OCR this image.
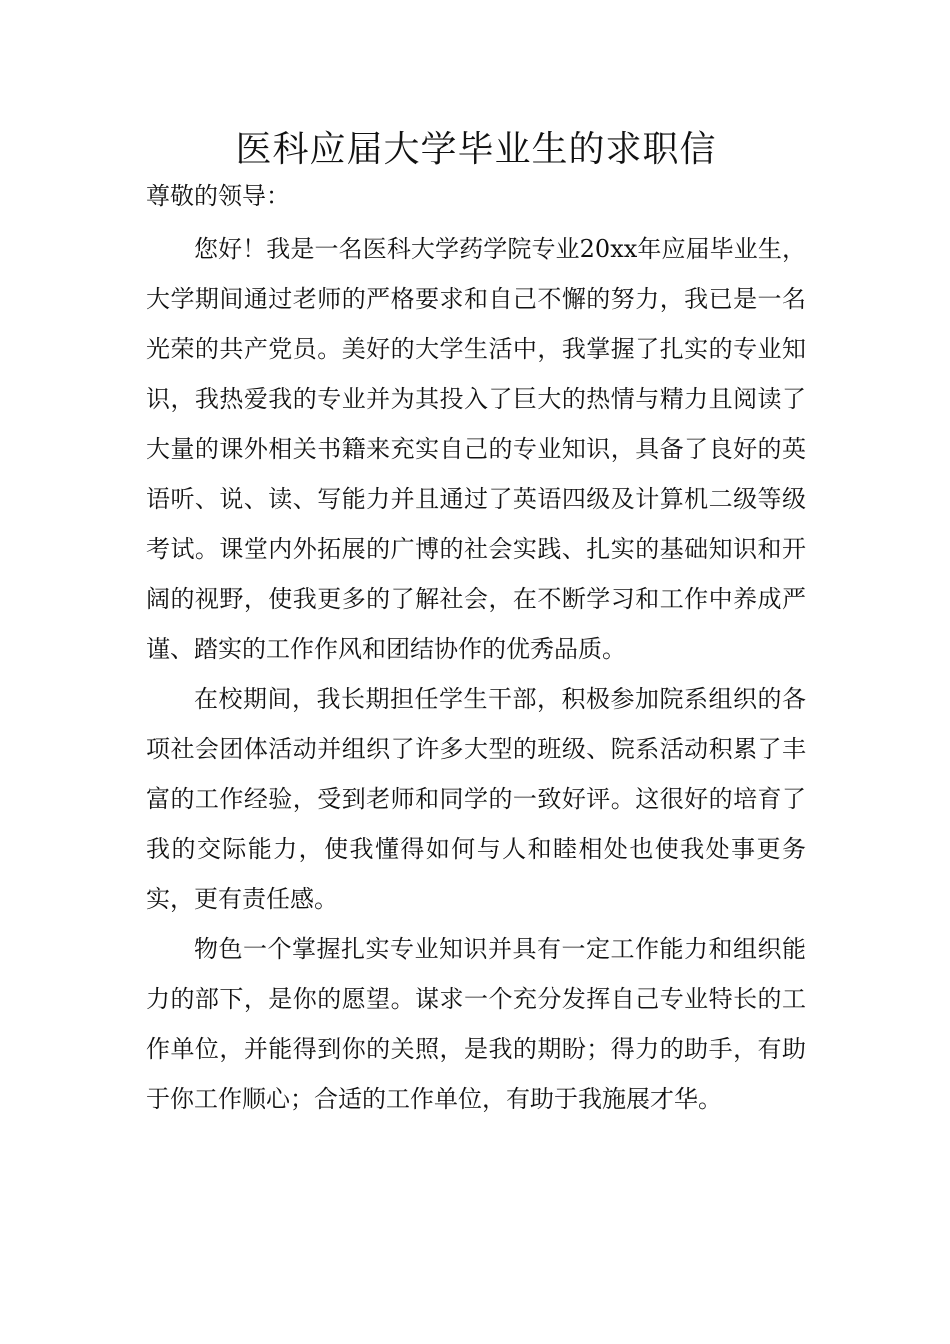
医科应届大学毕业生的求职信

尊敬的领导：

您好！我是一名医科大学药学院专业20xx年应届毕业生，大学期间通过老师的严格要求和自己不懈的努力，我已是一名光荣的共产党员。美好的大学生活中，我掌握了扎实的专业知识，我热爱我的专业并为其投入了巨大的热情与精力且阅读了大量的课外相关书籍来充实自己的专业知识，具备了良好的英语听、说、读、写能力并且通过了英语四级及计算机二级等级考试。课堂内外拓展的广博的社会实践、扎实的基础知识和开阔的视野，使我更多的了解社会，在不断学习和工作中养成严谨、踏实的工作作风和团结协作的优秀品质。

在校期间，我长期担任学生干部，积极参加院系组织的各项社会团体活动并组织了许多大型的班级、院系活动积累了丰富的工作经验，受到老师和同学的一致好评。这很好的培育了我的交际能力，使我懂得如何与人和睦相处也使我处事更务实，更有责任感。

物色一个掌握扎实专业知识并具有一定工作能力和组织能力的部下，是你的愿望。谋求一个充分发挥自己专业特长的工作单位，并能得到你的关照，是我的期盼；得力的助手，有助于你工作顺心；合适的工作单位，有助于我施展才华。
